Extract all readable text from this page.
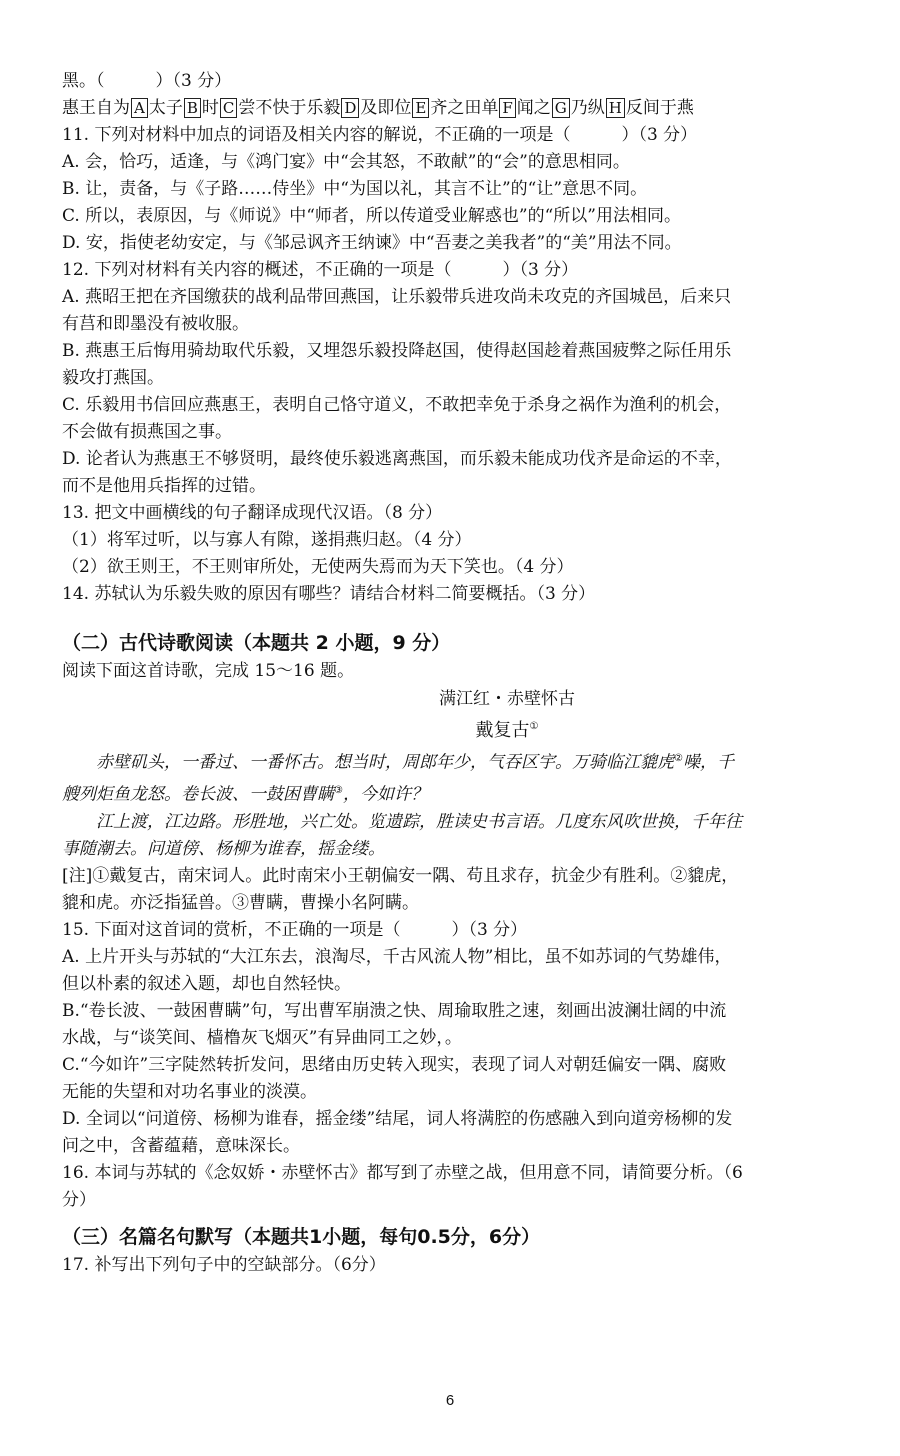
黑。（　　　）（3 分）
惠王自为 A 太子 B 时 C 尝不快于乐毅 D 及即位 E 齐之田单 F 闻之 G 乃纵 H 反间于燕
11. 下列对材料中加点的词语及相关内容的解说，不正确的一项是（　　　）（3 分）
A. 会，恰巧，适逢，与《鸿门宴》中“会其怒，不敢献”的“会”的意思相同。
B. 让，责备，与《子路……侍坐》中“为国以礼，其言不让”的“让”意思不同。
C. 所以，表原因，与《师说》中“师者，所以传道受业解惑也”的“所以”用法相同。
D. 安，指使老幼安定，与《邹忌讽齐王纳谏》中“吾妻之美我者”的“美”用法不同。
12. 下列对材料有关内容的概述，不正确的一项是（　　　）（3 分）
A. 燕昭王把在齐国缴获的战利品带回燕国，让乐毅带兵进攻尚未攻克的齐国城邑，后来只
有莒和即墨没有被收服。
B. 燕惠王后悔用骑劫取代乐毅，又埋怨乐毅投降赵国，使得赵国趁着燕国疲弊之际任用乐
毅攻打燕国。
C. 乐毅用书信回应燕惠王，表明自己恪守道义，不敢把幸免于杀身之祸作为渔利的机会，
不会做有损燕国之事。
D. 论者认为燕惠王不够贤明，最终使乐毅逃离燕国，而乐毅未能成功伐齐是命运的不幸，
而不是他用兵指挥的过错。
13. 把文中画横线的句子翻译成现代汉语。（8 分）
（1）将军过听，以与寡人有隙，遂捐燕归赵。（4 分）
（2）欲王则王，不王则审所处，无使两失焉而为天下笑也。（4 分）
14. 苏轼认为乐毅失败的原因有哪些？请结合材料二简要概括。（3 分）
（二）古代诗歌阅读（本题共 2 小题，9 分）
阅读下面这首诗歌，完成 15～16 题。
满江红・赤壁怀古
戴复古①
赤壁矶头，一番过、一番怀古。想当时，周郎年少，气吞区宇。万骑临江貔虎②噪，千
艘列炬鱼龙怒。卷长波、一鼓困曹瞒③，今如许？
江上渡，江边路。形胜地，兴亡处。览遗踪，胜读史书言语。几度东风吹世换，千年往
事随潮去。问道傍、杨柳为谁春，摇金缕。
[注]①戴复古，南宋词人。此时南宋小王朝偏安一隅、苟且求存，抗金少有胜利。②貔虎，
貔和虎。亦泛指猛兽。③曹瞒，曹操小名阿瞒。
15. 下面对这首词的赏析，不正确的一项是（　　　）（3 分）
A. 上片开头与苏轼的“大江东去，浪淘尽，千古风流人物”相比，虽不如苏词的气势雄伟，
但以朴素的叙述入题，却也自然轻快。
B.“卷长波、一鼓困曹瞒”句，写出曹军崩溃之快、周瑜取胜之速，刻画出波澜壮阔的中流
水战，与“谈笑间、樯橹灰飞烟灭”有异曲同工之妙，。
C.“今如许”三字陡然转折发问，思绪由历史转入现实，表现了词人对朝廷偏安一隅、腐败
无能的失望和对功名事业的淡漠。
D. 全词以“问道傍、杨柳为谁春，摇金缕”结尾，词人将满腔的伤感融入到向道旁杨柳的发
问之中，含蓄蕴藉，意味深长。
16. 本词与苏轼的《念奴娇・赤壁怀古》都写到了赤壁之战，但用意不同，请简要分析。（6
分）
（三）名篇名句默写（本题共1小题，每句0.5分，6分）
17. 补写出下列句子中的空缺部分。（6分）
6
